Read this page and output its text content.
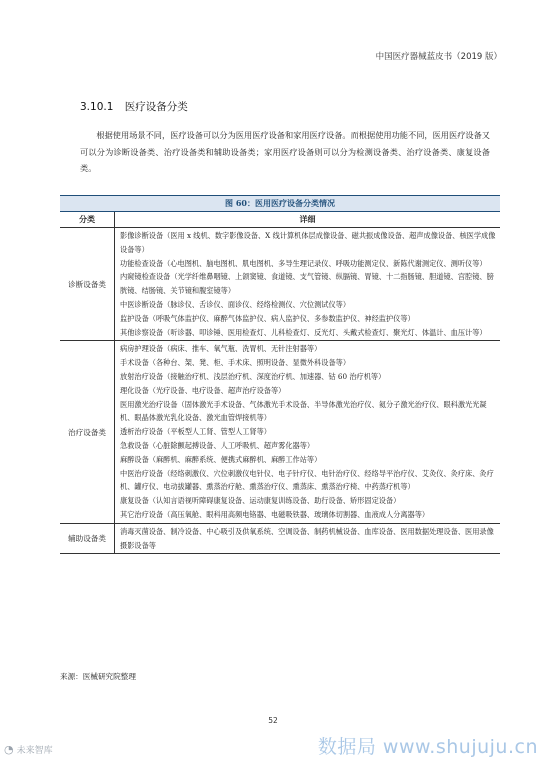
中国医疗器械蓝皮书（2019 版）
3.10.1 医疗设备分类
根据使用场景不同，医疗设备可以分为医用医疗设备和家用医疗设备。而根据使用功能不同，医用医疗设备又可以分为诊断设备类、治疗设备类和辅助设备类；家用医疗设备则可以分为检测设备类、治疗设备类、康复设备类。
图 60：医用医疗设备分类情况
分类	详细
诊断设备类
影像诊断设备（医用 x 线机、数字影像设备、X 线计算机体层成像设备、磁共振成像设备、超声成像设备、核医学成像设备等）
功能检查设备（心电图机、脑电图机、肌电图机、多导生理记录仪、呼吸功能测定仪、新陈代谢测定仪、测听仪等）
内窥镜检查设备（光学纤维鼻咽镜、上颌窦镜、食道镜、支气管镜、纵膈镜、胃镜、十二指肠镜、胆道镜、宫腔镜、膀胱镜、结肠镜、关节镜和腹室镜等）
中医诊断设备（脉诊仪、舌诊仪、面诊仪、经络检测仪、穴位测试仪等）
监护设备（呼吸气体监护仪、麻醉气体监护仪、病人监护仪、多参数监护仪、神经监护仪等）
其他诊察设备（听诊器、叩诊锤、医用检查灯、儿科检查灯、反光灯、头戴式检查灯、聚光灯、体温计、血压计等）
治疗设备类
病房护理设备（病床、推车、氧气瓶、洗胃机、无针注射器等）
手术设备（各种台、架、凳、柜、手术床、照明设备、显微外科设备等）
放射治疗设备（接触治疗机、浅层治疗机、深度治疗机、加速器、钴 60 治疗机等）
理化设备（光疗设备、电疗设备、超声治疗设备等）
医用激光治疗设备（固体激光手术设备、气体激光手术设备、半导体激光治疗仪、氦分子激光治疗仪、眼科激光光凝机、眼晶体激光乳化设备、激光血管焊接机等）
透析治疗设备（平板型人工肾、管型人工肾等）
急救设备（心脏除颤起搏设备、人工呼吸机、超声雾化器等）
麻醉设备（麻醉机、麻醉系统、便携式麻醉机、麻醉工作站等）
中医治疗设备（经络刺激仪、穴位刺激仪电针仪、电子针疗仪、电针治疗仪、经络导平治疗仪、艾灸仪、灸疗床、灸疗机、罐疗仪、电动拔罐器、熏蒸治疗舱、熏蒸治疗仪、熏蒸床、熏蒸治疗椅、中药蒸疗机等）
康复设备（认知言语视听障碍康复设备、运动康复训练设备、助行设备、矫形固定设备）
其它治疗设备（高压氧舱、眼科用高频电铬器、电磁吸铁器、玻璃体切割器、血液成人分离器等）
辅助设备类
消毒灭菌设备、制冷设备、中心吸引及供氧系统、空调设备、制药机械设备、血库设备、医用数据处理设备、医用录像摄影设备等
来源：医械研究院整理
52
◔ 未来智库	数据局 www.shujuju.cn
